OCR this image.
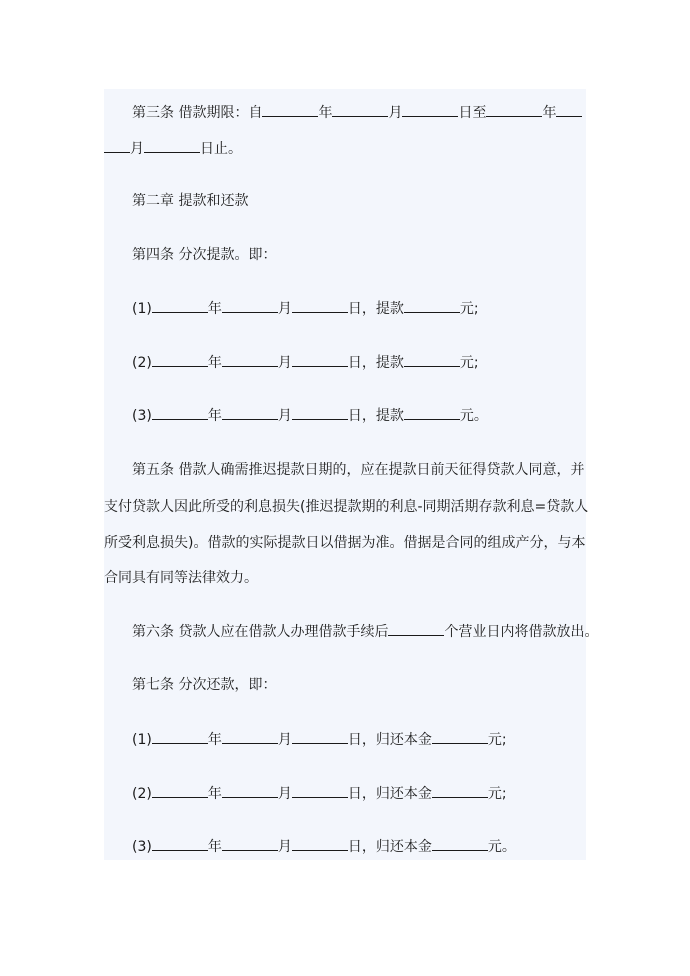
第三条 借款期限：自	年	月	日至	年
月	日止。
第二章 提款和还款
第四条 分次提款。即：
(1)	年	月	日，提款	元;
(2)	年	月	日，提款	元;
(3)	年	月	日，提款	元。
第五条 借款人确需推迟提款日期的，应在提款日前天征得贷款人同意，并
支付贷款人因此所受的利息损失(推迟提款期的利息-同期活期存款利息=贷款人
所受利息损失)。借款的实际提款日以借据为准。借据是合同的组成产分，与本
合同具有同等法律效力。
第六条 贷款人应在借款人办理借款手续后	个营业日内将借款放出。
第七条 分次还款，即：
(1)	年	月	日，归还本金	元;
(2)	年	月	日，归还本金	元;
(3)	年	月	日，归还本金	元。
